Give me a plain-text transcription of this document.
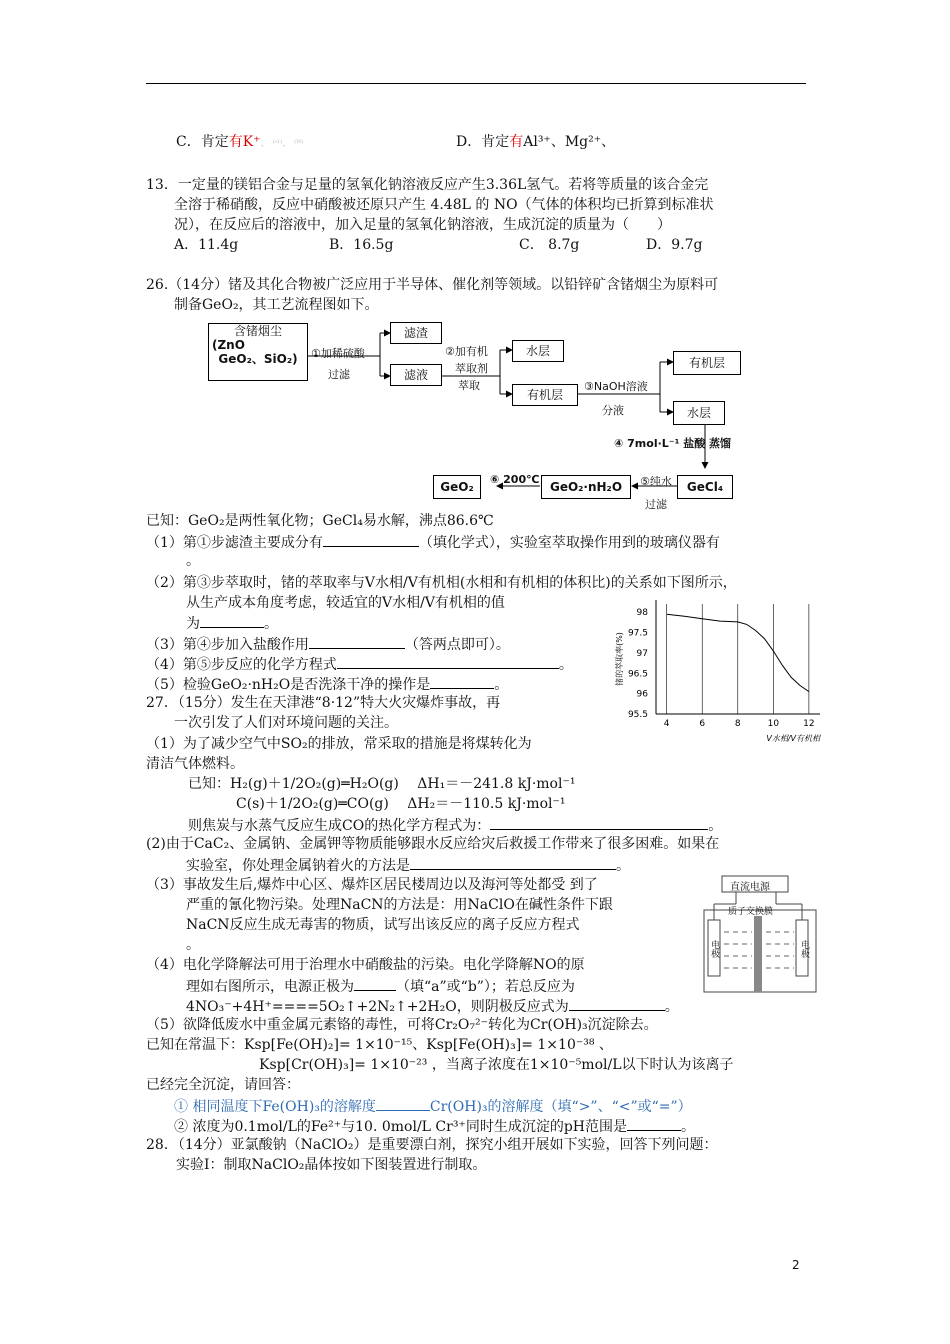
C．肯定有K⁺、 ⁽ᶜˡ⁾、 ⁽ᴺ⁾	D．肯定有Al³⁺、Mg²⁺、
13．一定量的镁铝合金与足量的氢氧化钠溶液反应产生3.36L氢气。若将等质量的该合金完
全溶于稀硝酸，反应中硝酸被还原只产生 4.48L 的 NO（气体的体积均已折算到标准状
况），在反应后的溶液中，加入足量的氢氧化钠溶液，生成沉淀的质量为（　　）
A．11.4g	B．16.5g	C． 8.7g	D．9.7g
26.（14分）锗及其化合物被广泛应用于半导体、催化剂等领域。以铅锌矿含锗烟尘为原料可
制备GeO₂，其工艺流程图如下。
含锗烟尘
(ZnO
GeO₂、SiO₂)	①加稀硫酸
过滤
滤渣
滤液
②加有机
萃取剂
萃取
水层
有机层
③NaOH溶液
分液
有机层
水层
④ 7mol·L⁻¹ 盐酸 蒸馏
GeCl₄
⑤纯水
过滤
GeO₂·nH₂O
⑥ 200℃
GeO₂
已知：GeO₂是两性氧化物；GeCl₄易水解，沸点86.6℃
（1）第①步滤渣主要成分有	（填化学式），实验室萃取操作用到的玻璃仪器有
。
（2）第③步萃取时，锗的萃取率与V水相/V有机相(水相和有机相的体积比)的关系如下图所示，
从生产成本角度考虑，较适宜的V水相/V有机相的值
为	。
（3）第④步加入盐酸作用	（答两点即可）。
（4）第⑤步反应的化学方程式	。
（5）检验GeO₂·nH₂O是否洗涤干净的操作是	。
98
97.5
97
96.5
96
95.5
4	6	8	10	12
V水相/V有机相
锗的萃取率(%)
27．（15分）发生在天津港“8·12”特大火灾爆炸事故，再
一次引发了人们对环境问题的关注。
（1）为了减少空气中SO₂的排放，常采取的措施是将煤转化为
清洁气体燃料。
已知：H₂(g)＋1/2O₂(g)═H₂O(g)　 ΔH₁＝－241.8 kJ·mol⁻¹
C(s)＋1/2O₂(g)═CO(g)　 ΔH₂＝－110.5 kJ·mol⁻¹
则焦炭与水蒸气反应生成CO的热化学方程式为：	。
(2)由于CaC₂、金属钠、金属钾等物质能够跟水反应给灾后救援工作带来了很多困难。如果在
实验室，你处理金属钠着火的方法是	。
（3）事故发生后,爆炸中心区、爆炸区居民楼周边以及海河等处都受 到了
严重的氰化物污染。处理NaCN的方法是：用NaClO在碱性条件下跟
NaCN反应生成无毒害的物质，试写出该反应的离子反应方程式
。
（4）电化学降解法可用于治理水中硝酸盐的污染。电化学降解NO的原
理如右图所示，电源正极为	（填“a”或“b”）；若总反应为
4NO₃⁻+4H⁺====5O₂↑+2N₂↑+2H₂O，则阴极反应式为	。
直流电源
质子交换膜
电极	电极
（5）欲降低废水中重金属元素铬的毒性，可将Cr₂O₇²⁻转化为Cr(OH)₃沉淀除去。
已知在常温下：Ksp[Fe(OH)₂]= 1×10⁻¹⁵、Ksp[Fe(OH)₃]= 1×10⁻³⁸ 、
Ksp[Cr(OH)₃]= 1×10⁻²³ ，当离子浓度在1×10⁻⁵mol/L以下时认为该离子
已经完全沉淀，请回答：
① 相同温度下Fe(OH)₃的溶解度	Cr(OH)₃的溶解度（填“>”、“<”或“=”）
② 浓度为0.1mol/L的Fe²⁺与10. 0mol/L Cr³⁺同时生成沉淀的pH范围是	。
28．（14分）亚氯酸钠（NaClO₂）是重要漂白剂，探究小组开展如下实验，回答下列问题：
实验Ⅰ：制取NaClO₂晶体按如下图装置进行制取。
2
